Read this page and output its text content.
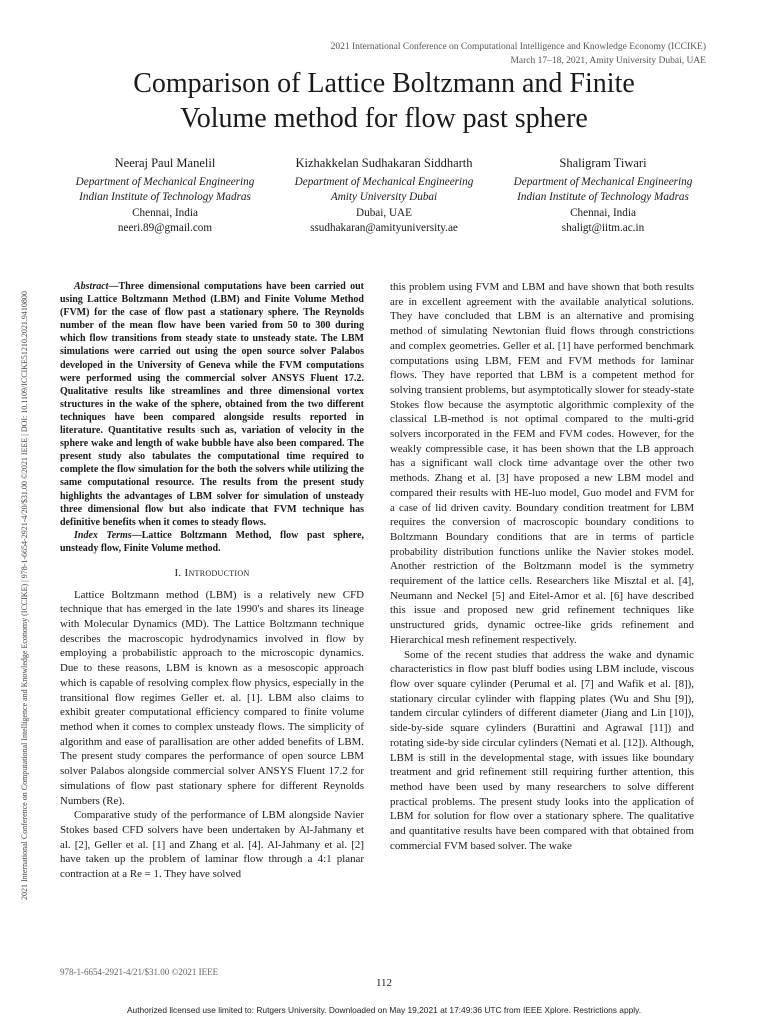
2021 International Conference on Computational Intelligence and Knowledge Economy (ICCIKE)
March 17–18, 2021, Amity University Dubai, UAE
Comparison of Lattice Boltzmann and Finite
Volume method for flow past sphere
Neeraj Paul Manelil
Department of Mechanical Engineering
Indian Institute of Technology Madras
Chennai, India
neeri.89@gmail.com
Kizhakkelan Sudhakaran Siddharth
Department of Mechanical Engineering
Amity University Dubai
Dubai, UAE
ssudhakaran@amityuniversity.ae
Shaligram Tiwari
Department of Mechanical Engineering
Indian Institute of Technology Madras
Chennai, India
shaligt@iitm.ac.in
2021 International Conference on Computational Intelligence and Knowledge Economy (ICCIKE) | 978-1-6654-2921-4/20/$31.00 ©2021 IEEE | DOI: 10.1109/ICCIKE51210.2021.9410800

Abstract—Three dimensional computations have been carried out using Lattice Boltzmann Method (LBM) and Finite Volume Method (FVM) for the case of flow past a stationary sphere. The Reynolds number of the mean flow have been varied from 50 to 300 during which flow transitions from steady state to unsteady state. The LBM simulations were carried out using the open source solver Palabos developed in the University of Geneva while the FVM computations were performed using the commercial solver ANSYS Fluent 17.2. Qualitative results like streamlines and three dimensional vortex structures in the wake of the sphere, obtained from the two different techniques have been compared alongside results reported in literature. Quantitative results such as, variation of velocity in the sphere wake and length of wake bubble have also been compared. The present study also tabulates the computational time required to complete the flow simulation for the both the solvers while utilizing the same computational resource. The results from the present study highlights the advantages of LBM solver for simulation of unsteady three dimensional flow but also indicate that FVM technique has definitive benefits when it comes to steady flows.

Index Terms—Lattice Boltzmann Method, flow past sphere, unsteady flow, Finite Volume method.

I. Introduction

Lattice Boltzmann method (LBM) is a relatively new CFD technique that has emerged in the late 1990's and shares its lineage with Molecular Dynamics (MD). The Lattice Boltzmann technique describes the macroscopic hydrodynamics involved in flow by employing a probabilistic approach to the microscopic dynamics. Due to these reasons, LBM is known as a mesoscopic approach which is capable of resolving complex flow physics, especially in the transitional flow regimes Geller et. al. [1]. LBM also claims to exhibit greater computational efficiency compared to finite volume method when it comes to complex unsteady flows. The simplicity of algorithm and ease of parallisation are other added benefits of LBM. The present study compares the performance of open source LBM solver Palabos alongside commercial solver ANSYS Fluent 17.2 for simulations of flow past stationary sphere for different Reynolds Numbers (Re).

Comparative study of the performance of LBM alongside Navier Stokes based CFD solvers have been undertaken by Al-Jahmany et al. [2], Geller et al. [1] and Zhang et al. [4]. Al-Jahmany et al. [2] have taken up the problem of laminar flow through a 4:1 planar contraction at a Re = 1. They have solved

this problem using FVM and LBM and have shown that both results are in excellent agreement with the available analytical solutions. They have concluded that LBM is an alternative and promising method of simulating Newtonian fluid flows through constrictions and complex geometries. Geller et al. [1] have performed benchmark computations using LBM, FEM and FVM methods for laminar flows. They have reported that LBM is a competent method for solving transient problems, but asymptotically slower for steady-state Stokes flow because the asymptotic algorithmic complexity of the classical LB-method is not optimal compared to the multi-grid solvers incorporated in the FEM and FVM codes. However, for the weakly compressible case, it has been shown that the LB approach has a significant wall clock time advantage over the other two methods. Zhang et al. [3] have proposed a new LBM model and compared their results with HE-luo model, Guo model and FVM for a case of lid driven cavity. Boundary condition treatment for LBM requires the conversion of macroscopic boundary conditions to Boltzmann Boundary conditions that are in terms of particle probability distribution functions unlike the Navier stokes model. Another restriction of the Boltzmann model is the symmetry requirement of the lattice cells. Researchers like Misztal et al. [4], Neumann and Neckel [5] and Eitel-Amor et al. [6] have described this issue and proposed new grid refinement techniques like unstructured grids, dynamic octree-like grids refinement and Hierarchical mesh refinement respectively.

Some of the recent studies that address the wake and dynamic characteristics in flow past bluff bodies using LBM include, viscous flow over square cylinder (Perumal et al. [7] and Wafik et al. [8]), stationary circular cylinder with flapping plates (Wu and Shu [9]), tandem circular cylinders of different diameter (Jiang and Lin [10]), side-by-side square cylinders (Burattini and Agrawal [11]) and rotating side-by side circular cylinders (Nemati et al. [12]). Although, LBM is still in the developmental stage, with issues like boundary treatment and grid refinement still requiring further attention, this method have been used by many researchers to solve different practical problems. The present study looks into the application of LBM for solution for flow over a stationary sphere. The qualitative and quantitative results have been compared with that obtained from commercial FVM based solver. The wake

978-1-6654-2921-4/21/$31.00 ©2021 IEEE
112
Authorized licensed use limited to: Rutgers University. Downloaded on May 19,2021 at 17:49:36 UTC from IEEE Xplore. Restrictions apply.
